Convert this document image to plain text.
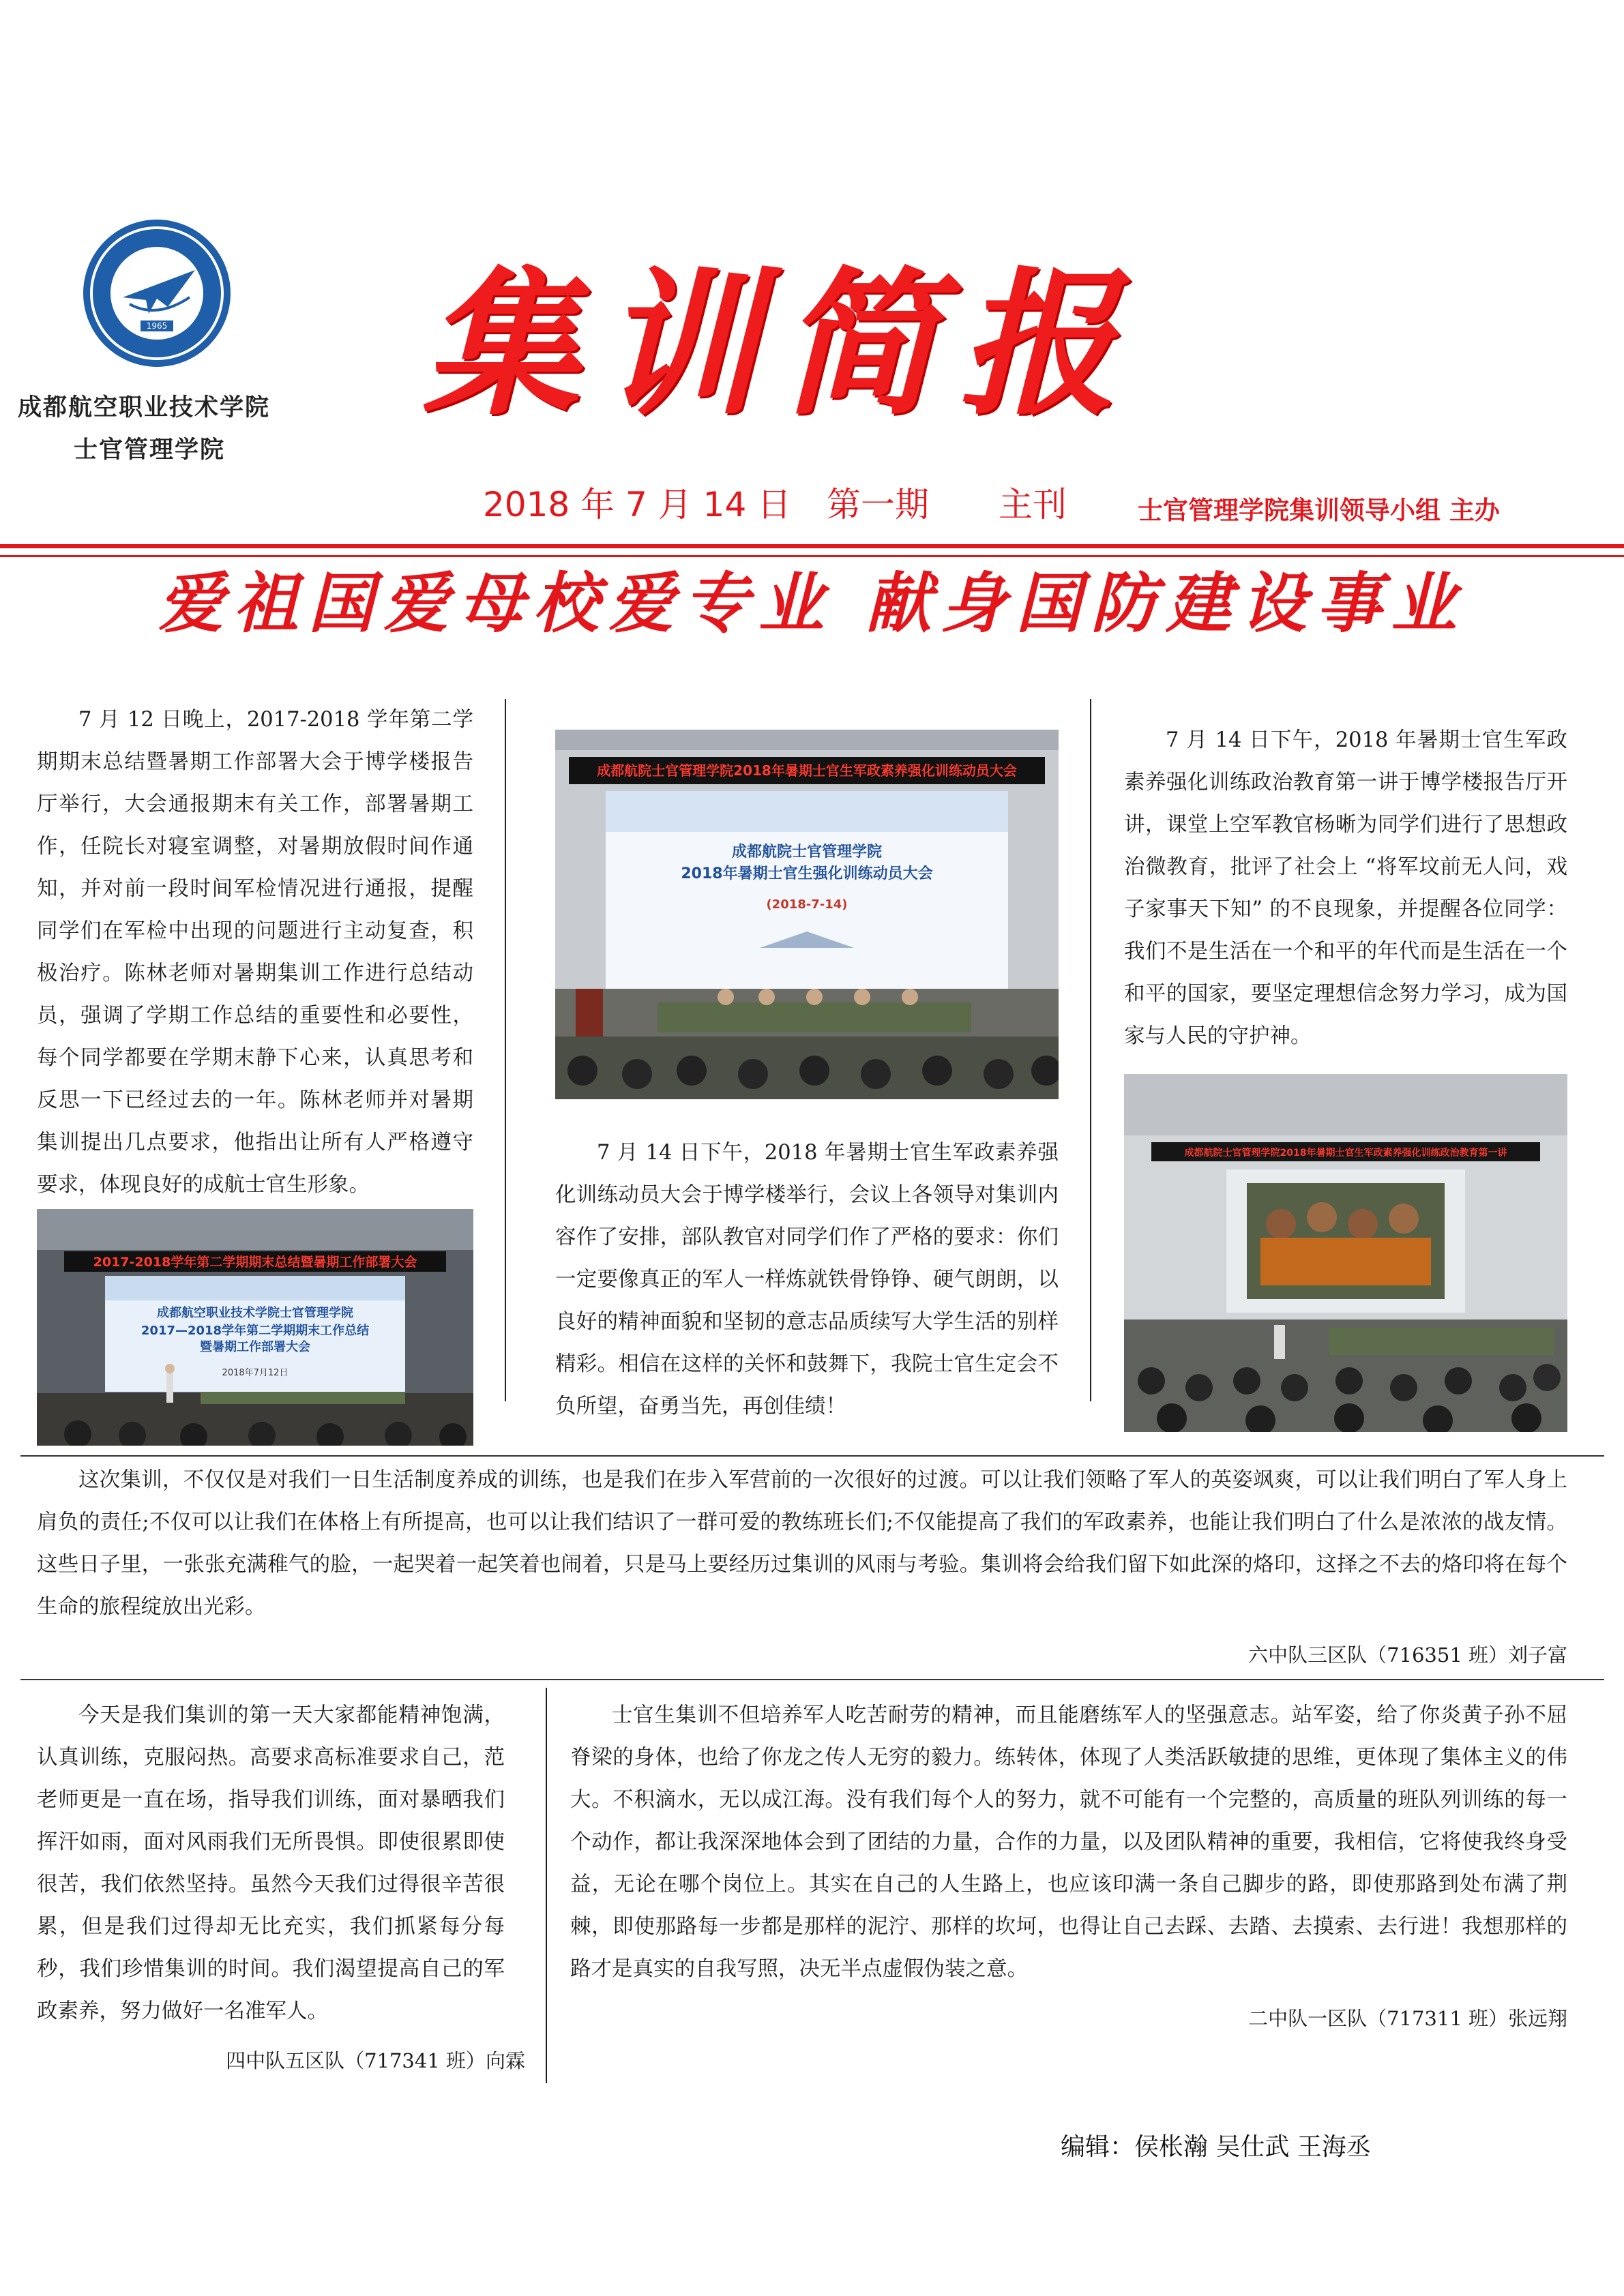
1965
成都航空职业技术学院
士官管理学院
集训简报
2018 年 7 月 14 日 第一期 主刊	士官管理学院集训领导小组 主办
爱祖国爱母校爱专业 献身国防建设事业

7 月 12 日晚上，2017-2018 学年第二学期期末总结暨暑期工作部署大会于博学楼报告厅举行，大会通报期末有关工作，部署暑期工作，任院长对寝室调整，对暑期放假时间作通知，并对前一段时间军检情况进行通报，提醒同学们在军检中出现的问题进行主动复查，积极治疗。陈林老师对暑期集训工作进行总结动员，强调了学期工作总结的重要性和必要性，每个同学都要在学期末静下心来，认真思考和反思一下已经过去的一年。陈林老师并对暑期集训提出几点要求，他指出让所有人严格遵守要求，体现良好的成航士官生形象。

2017-2018学年第二学期期末总结暨暑期工作部署大会
成都航空职业技术学院士官管理学院
2017—2018学年第二学期期末工作总结
暨暑期工作部署大会
2018年7月12日
成都航院士官管理学院2018年暑期士官生军政素养强化训练动员大会
成都航院士官管理学院
2018年暑期士官生强化训练动员大会
(2018-7-14)

7 月 14 日下午，2018 年暑期士官生军政素养强化训练动员大会于博学楼举行，会议上各领导对集训内容作了安排，部队教官对同学们作了严格的要求：你们一定要像真正的军人一样炼就铁骨铮铮、硬气朗朗，以良好的精神面貌和坚韧的意志品质续写大学生活的别样精彩。相信在这样的关怀和鼓舞下，我院士官生定会不负所望，奋勇当先，再创佳绩！

7 月 14 日下午，2018 年暑期士官生军政素养强化训练政治教育第一讲于博学楼报告厅开讲，课堂上空军教官杨晰为同学们进行了思想政治微教育，批评了社会上 “将军坟前无人问，戏子家事天下知” 的不良现象，并提醒各位同学：我们不是生活在一个和平的年代而是生活在一个和平的国家，要坚定理想信念努力学习，成为国家与人民的守护神。

成都航院士官管理学院2018年暑期士官生军政素养强化训练政治教育第一讲

这次集训，不仅仅是对我们一日生活制度养成的训练，也是我们在步入军营前的一次很好的过渡。可以让我们领略了军人的英姿飒爽，可以让我们明白了军人身上肩负的责任;不仅可以让我们在体格上有所提高，也可以让我们结识了一群可爱的教练班长们;不仅能提高了我们的军政素养，也能让我们明白了什么是浓浓的战友情。这些日子里，一张张充满稚气的脸，一起哭着一起笑着也闹着，只是马上要经历过集训的风雨与考验。集训将会给我们留下如此深的烙印，这择之不去的烙印将在每个生命的旅程绽放出光彩。

六中队三区队（716351 班）刘子富

今天是我们集训的第一天大家都能精神饱满，认真训练，克服闷热。高要求高标准要求自己，范老师更是一直在场，指导我们训练，面对暴晒我们挥汗如雨，面对风雨我们无所畏惧。即使很累即使很苦，我们依然坚持。虽然今天我们过得很辛苦很累，但是我们过得却无比充实，我们抓紧每分每秒，我们珍惜集训的时间。我们渴望提高自己的军政素养，努力做好一名准军人。

四中队五区队（717341 班）向霖

士官生集训不但培养军人吃苦耐劳的精神，而且能磨练军人的坚强意志。站军姿，给了你炎黄子孙不屈脊梁的身体，也给了你龙之传人无穷的毅力。练转体，体现了人类活跃敏捷的思维，更体现了集体主义的伟大。不积滴水，无以成江海。没有我们每个人的努力，就不可能有一个完整的，高质量的班队列训练的每一个动作，都让我深深地体会到了团结的力量，合作的力量，以及团队精神的重要，我相信，它将使我终身受益，无论在哪个岗位上。其实在自己的人生路上，也应该印满一条自己脚步的路，即使那路到处布满了荆棘，即使那路每一步都是那样的泥泞、那样的坎坷，也得让自己去踩、去踏、去摸索、去行进！我想那样的路才是真实的自我写照，决无半点虚假伪装之意。

二中队一区队（717311 班）张远翔
编辑：侯枨瀚 吴仕武 王海丞
